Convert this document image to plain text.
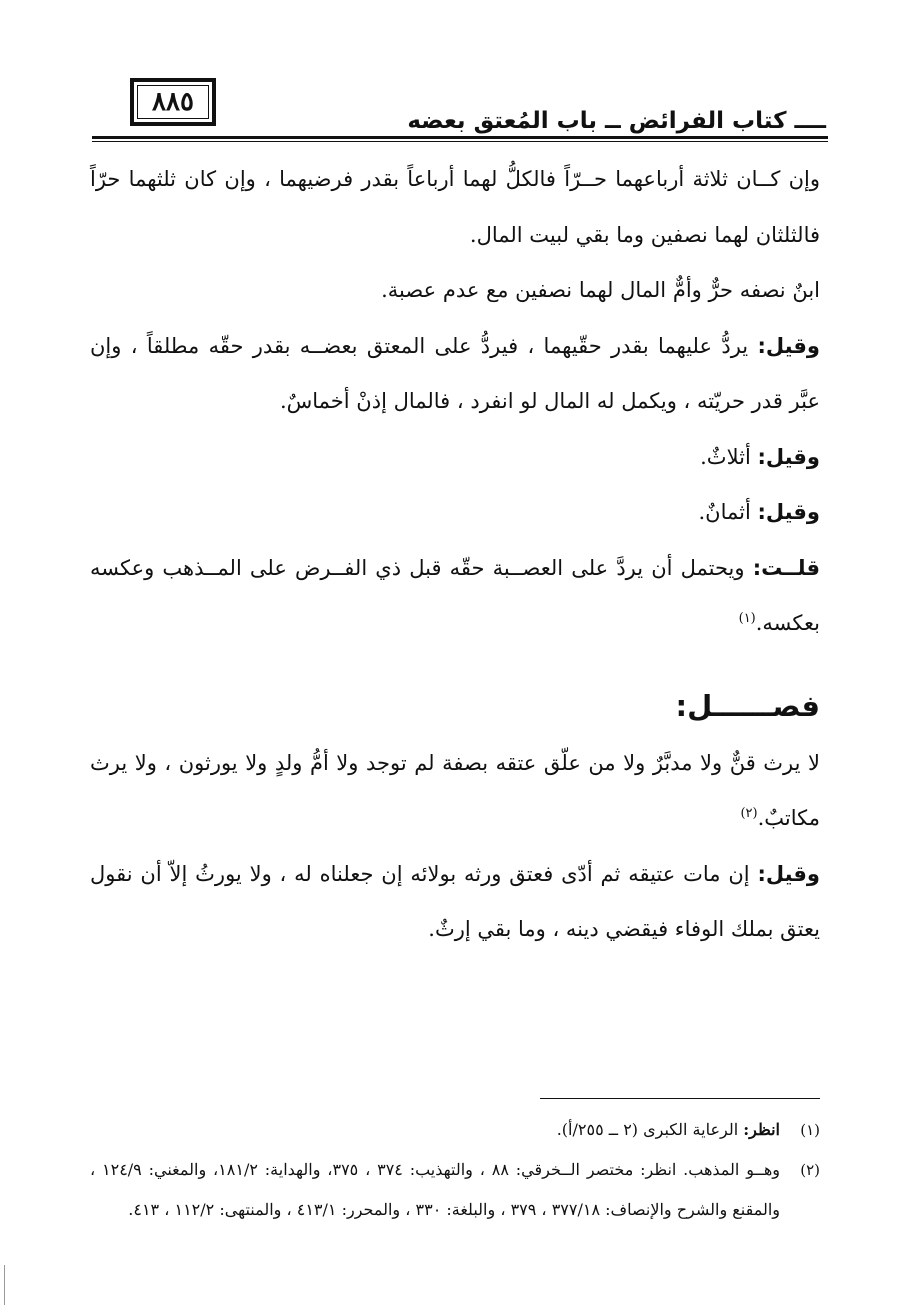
٨٨٥
ــــ كتاب الفرائض ــ باب المُعتق بعضه

وإن كــان ثلاثة أرباعهما حــرّاً فالكلُّ لهما أرباعاً بقدر فرضيهما ، وإن كان ثلثهما حرّاً فالثلثان لهما نصفين وما بقي لبيت المال.

ابنٌ نصفه حرٌّ وأمٌّ المال لهما نصفين مع عدم عصبة.

وقيل: يردُّ عليهما بقدر حقّيهما ، فيردُّ على المعتق بعضــه بقدر حقّه مطلقاً ، وإن عبَّر قدر حريّته ، ويكمل له المال لو انفرد ، فالمال إذنْ أخماسٌ.

وقيل: أثلاثٌ.

وقيل: أثمانٌ.

قلــت: ويحتمل أن يردَّ على العصــبة حقّه قبل ذي الفــرض على المــذهب وعكسه بعكسه.$^{(١)}$

فصــــــل:

لا يرث قنٌّ ولا مدبَّرٌ ولا من علّق عتقه بصفة لم توجد ولا أمُّ ولدٍ ولا يورثون ، ولا يرث مكاتبٌ.$^{(٢)}$

وقيل: إن مات عتيقه ثم أدّى فعتق ورثه بولائه إن جعلناه له ، ولا يورثُ إلاّ أن نقول يعتق بملك الوفاء فيقضي دينه ، وما بقي إرثٌ.

(١)
انظر: الرعاية الكبرى (٢ ــ ٢٥٥/أ).

(٢)
وهــو المذهب. انظر: مختصر الــخرقي: ٨٨ ، والتهذيب: ٣٧٤ ، ٣٧٥، والهداية: ١٨١/٢، والمغني: ١٢٤/٩ ، والمقنع والشرح والإنصاف: ٣٧٧/١٨ ، ٣٧٩ ، والبلغة: ٣٣٠ ، والمحرر: ٤١٣/١ ، والمنتهى: ١١٢/٢ ، ٤١٣.
